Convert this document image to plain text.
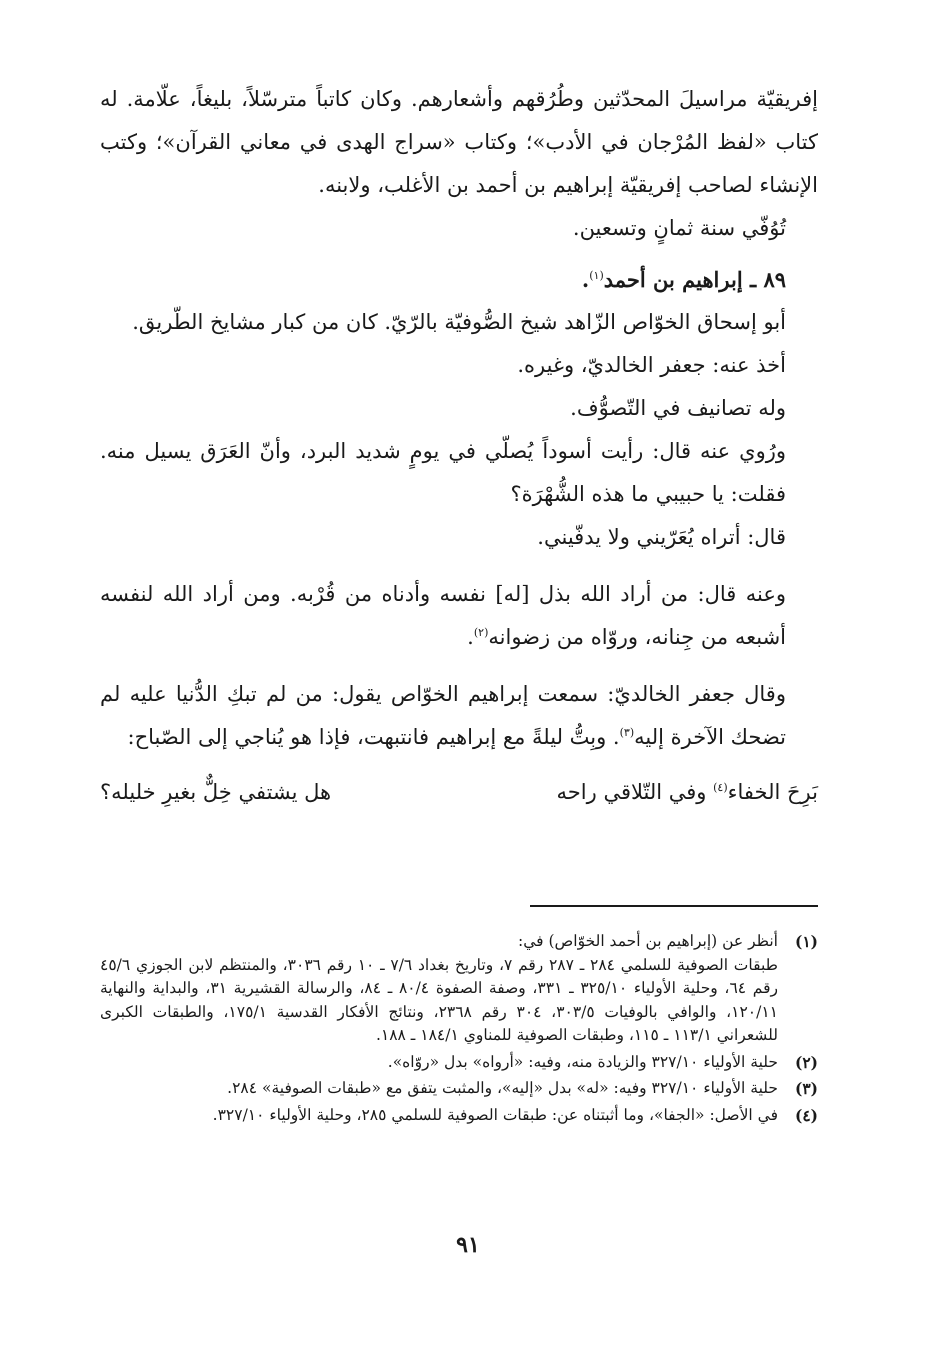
إفريقيّة مراسيلَ المحدّثين وطُرُقهم وأشعارهم. وكان كاتباً مترسّلاً، بليغاً، علّامة. له كتاب «لفظ المُرْجان في الأدب»؛ وكتاب «سراج الهدى في معاني القرآن»؛ وكتب الإنشاء لصاحب إفريقيّة إبراهيم بن أحمد بن الأغلب، ولابنه.

تُوُفّي سنة ثمانٍ وتسعين.

٨٩ ـ إبراهيم بن أحمد$^{(١)}$.

أبو إسحاق الخوّاص الزّاهد شيخ الصُّوفيّة بالرّيّ. كان من كبار مشايخ الطّريق.

أخذ عنه: جعفر الخالديّ، وغيره.

وله تصانيف في التّصوُّف.

ورُوي عنه قال: رأيت أسوداً يُصلّي في يومٍ شديد البرد، وأنّ العَرَق يسيل منه. فقلت: يا حبيبي ما هذه الشُّهْرَة؟

قال: أتراه يُعَرّيني ولا يدفّيني.

وعنه قال: من أراد الله بذل [له] نفسه وأدناه من قُرْبه. ومن أراد الله لنفسه أشبعه من جِنانه، وروّاه من زضوانه$^{(٢)}$.

وقال جعفر الخالديّ: سمعت إبراهيم الخوّاص يقول: من لم تبكِ الدُّنيا عليه لم تضحك الآخرة إليه$^{(٣)}$. وبِتُّ ليلةً مع إبراهيم فانتبهت، فإذا هو يُناجي إلى الصّباح:

بَرِحَ الخفاء$^{(٤)}$ وفي التّلاقي راحه
هل يشتفي خِلٌّ بغيرِ خليله؟

(١)

أنظر عن (إبراهيم بن أحمد الخوّاص) في:

طبقات الصوفية للسلمي ٢٨٤ ـ ٢٨٧ رقم ٧، وتاريخ بغداد ٧/٦ ـ ١٠ رقم ٣٠٣٦، والمنتظم لابن الجوزي ٤٥/٦ رقم ٦٤، وحلية الأولياء ٣٢٥/١٠ ـ ٣٣١، وصفة الصفوة ٨٠/٤ ـ ٨٤، والرسالة القشيرية ٣١، والبداية والنهاية ١٢٠/١١، والوافي بالوفيات ٣٠٣/٥، ٣٠٤ رقم ٢٣٦٨، ونتائج الأفكار القدسية ١٧٥/١، والطبقات الكبرى للشعراني ١١٣/١ ـ ١١٥، وطبقات الصوفية للمناوي ١٨٤/١ ـ ١٨٨.

(٢)

حلية الأولياء ٣٢٧/١٠ والزيادة منه، وفيه: «أرواه» بدل «روّاه».

(٣)

حلية الأولياء ٣٢٧/١٠ وفيه: «له» بدل «إليه»، والمثبت يتفق مع «طبقات الصوفية» ٢٨٤.

(٤)

في الأصل: «الجفا»، وما أثبتناه عن: طبقات الصوفية للسلمي ٢٨٥، وحلية الأولياء ٣٢٧/١٠.

٩١
